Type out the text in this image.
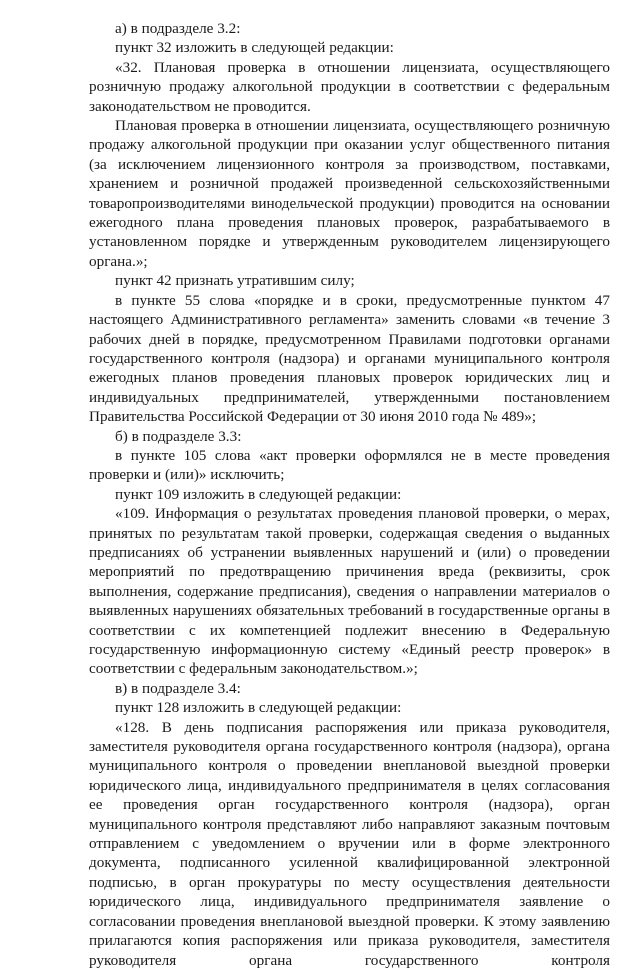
а) в подразделе 3.2:

пункт 32 изложить в следующей редакции:

«32. Плановая проверка в отношении лицензиата, осуществляющего розничную продажу алкогольной продукции в соответствии с федеральным законодательством не проводится.

Плановая проверка в отношении лицензиата, осуществляющего розничную продажу алкогольной продукции при оказании услуг общественного питания (за исключением лицензионного контроля за производством, поставками, хранением и розничной продажей произведенной сельскохозяйственными товаропроизводителями винодельческой продукции) проводится на основании ежегодного плана проведения плановых проверок, разрабатываемого в установленном порядке и утвержденным руководителем лицензирующего органа.»;

пункт 42 признать утратившим силу;

в пункте 55 слова «порядке и в сроки, предусмотренные пунктом 47 настоящего Административного регламента» заменить словами «в течение 3 рабочих дней в порядке, предусмотренном Правилами подготовки органами государственного контроля (надзора) и органами муниципального контроля ежегодных планов проведения плановых проверок юридических лиц и индивидуальных предпринимателей, утвержденными постановлением Правительства Российской Федерации от 30 июня 2010 года № 489»;

б) в подразделе 3.3:

в пункте 105 слова «акт проверки оформлялся не в месте проведения проверки и (или)» исключить;

пункт 109 изложить в следующей редакции:

«109. Информация о результатах проведения плановой проверки, о мерах, принятых по результатам такой проверки, содержащая сведения о выданных предписаниях об устранении выявленных нарушений и (или) о проведении мероприятий по предотвращению причинения вреда (реквизиты, срок выполнения, содержание предписания), сведения о направлении материалов о выявленных нарушениях обязательных требований в государственные органы в соответствии с их компетенцией подлежит внесению в Федеральную государственную информационную систему «Единый реестр проверок» в соответствии с федеральным законодательством.»;

в) в подразделе 3.4:

пункт 128 изложить в следующей редакции:

«128. В день подписания распоряжения или приказа руководителя, заместителя руководителя органа государственного контроля (надзора), органа муниципального контроля о проведении внеплановой выездной проверки юридического лица, индивидуального предпринимателя в целях согласования ее проведения орган государственного контроля (надзора), орган муниципального контроля представляют либо направляют заказным почтовым отправлением с уведомлением о вручении или в форме электронного документа, подписанного усиленной квалифицированной электронной подписью, в орган прокуратуры по месту осуществления деятельности юридического лица, индивидуального предпринимателя заявление о согласовании проведения внеплановой выездной проверки. К этому заявлению прилагаются копия распоряжения или приказа руководителя, заместителя руководителя органа государственного контроля
